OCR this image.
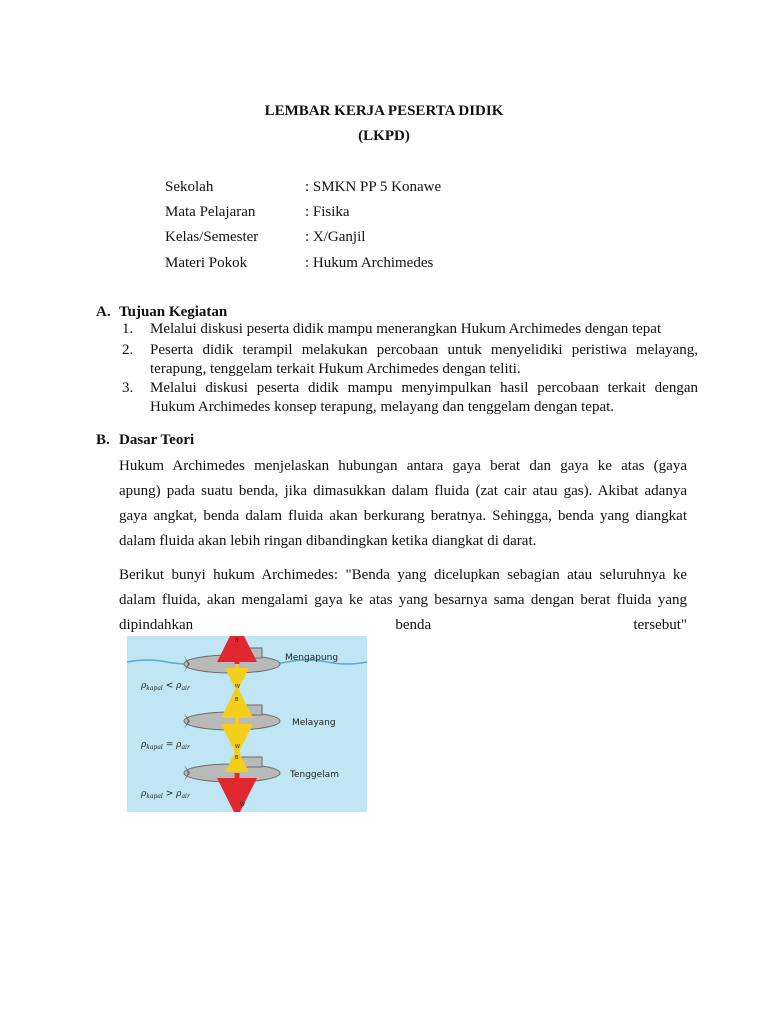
LEMBAR KERJA PESERTA DIDIK
(LKPD)
Sekolah	: SMKN PP 5 Konawe
Mata Pelajaran	: Fisika
Kelas/Semester	: X/Ganjil
Materi Pokok	: Hukum Archimedes
A. Tujuan Kegiatan
1. Melalui diskusi peserta didik mampu menerangkan Hukum Archimedes dengan tepat
2. Peserta didik terampil melakukan percobaan untuk menyelidiki peristiwa melayang,
terapung, tenggelam terkait Hukum Archimedes dengan teliti.
3. Melalui diskusi peserta didik mampu menyimpulkan hasil percobaan terkait dengan
Hukum Archimedes konsep terapung, melayang dan tenggelam dengan tepat.
B. Dasar Teori
Hukum Archimedes menjelaskan hubungan antara gaya berat dan gaya ke atas (gaya
apung) pada suatu benda, jika dimasukkan dalam fluida (zat cair atau gas). Akibat adanya
gaya angkat, benda dalam fluida akan berkurang beratnya. Sehingga, benda yang diangkat
dalam fluida akan lebih ringan dibandingkan ketika diangkat di darat.
Berikut bunyi hukum Archimedes: "Benda yang dicelupkan sebagian atau seluruhnya ke
dalam fluida, akan mengalami gaya ke atas yang besarnya sama dengan berat fluida yang
dipindahkan benda tersebut"
B
W
Mengapung
$\rho_{kapal} < \rho_{air}$
B
W
Melayang
$\rho_{kapal} = \rho_{air}$
B
W
Tenggelam
$\rho_{kapal} > \rho_{air}$
